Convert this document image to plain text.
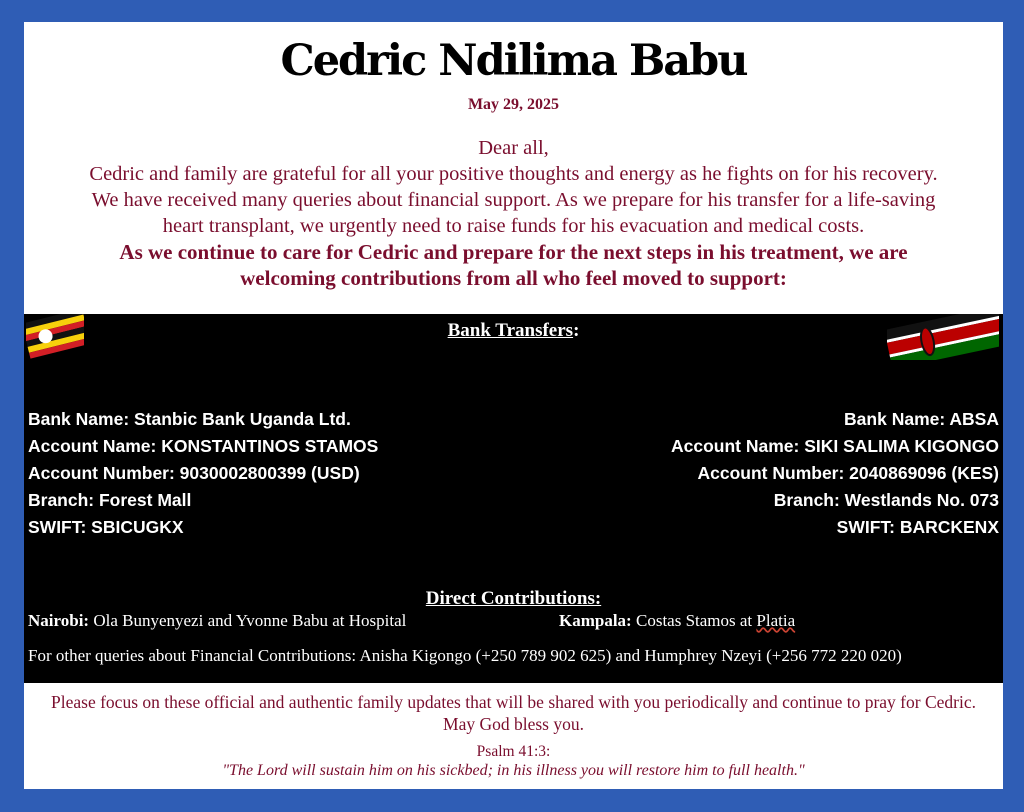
Cedric Ndilima Babu
May 29, 2025
Dear all,
Cedric and family are grateful for all your positive thoughts and energy as he fights on for his recovery.
We have received many queries about financial support. As we prepare for his transfer for a life-saving
heart transplant, we urgently need to raise funds for his evacuation and medical costs.
As we continue to care for Cedric and prepare for the next steps in his treatment, we are
welcoming contributions from all who feel moved to support:
Bank Transfers:
Bank Name: Stanbic Bank Uganda Ltd.
Account Name: KONSTANTINOS STAMOS
Account Number: 9030002800399 (USD)
Branch: Forest Mall
SWIFT: SBICUGKX
Bank Name: ABSA
Account Name: SIKI SALIMA KIGONGO
Account Number: 2040869096 (KES)
Branch: Westlands No. 073
SWIFT: BARCKENX
Direct Contributions:
Nairobi: Ola Bunyenyezi and Yvonne Babu at Hospital	Kampala: Costas Stamos at Platia
For other queries about Financial Contributions: Anisha Kigongo (+250 789 902 625) and Humphrey Nzeyi (+256 772 220 020)
Please focus on these official and authentic family updates that will be shared with you periodically and continue to pray for Cedric.
May God bless you.
Psalm 41:3:
"The Lord will sustain him on his sickbed; in his illness you will restore him to full health."
